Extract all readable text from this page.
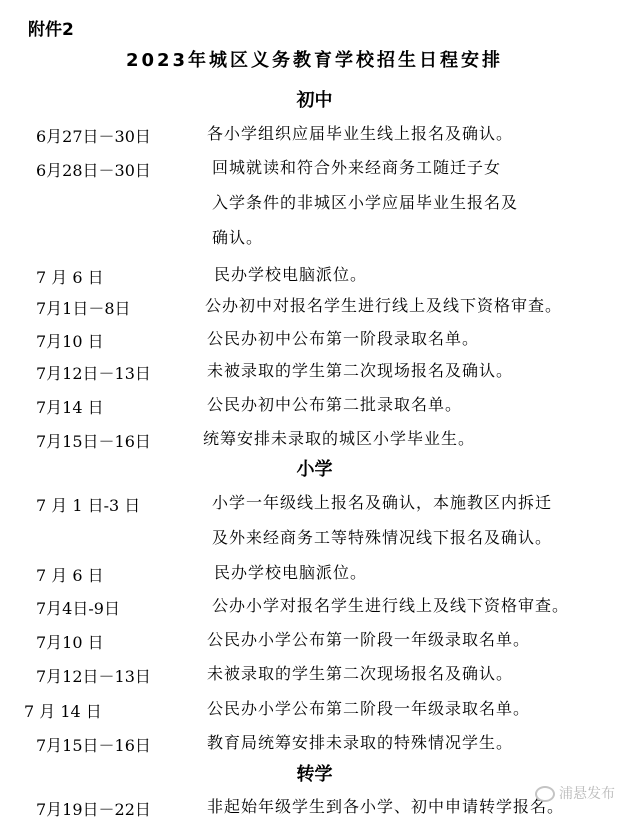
附件2
2023年城区义务教育学校招生日程安排
初中
6月27日－30日	各小学组织应届毕业生线上报名及确认。
6月28日－30日	回城就读和符合外来经商务工随迁子女
入学条件的非城区小学应届毕业生报名及
确认。
7 月 6 日	民办学校电脑派位。
7月1日－8日	公办初中对报名学生进行线上及线下资格审查。
7月10 日	公民办初中公布第一阶段录取名单。
7月12日－13日	未被录取的学生第二次现场报名及确认。
7月14 日	公民办初中公布第二批录取名单。
7月15日－16日	统筹安排未录取的城区小学毕业生。
小学
7 月 1 日-3 日	小学一年级线上报名及确认，本施教区内拆迁
及外来经商务工等特殊情况线下报名及确认。
7 月 6 日	民办学校电脑派位。
7月4日-9日	公办小学对报名学生进行线上及线下资格审查。
7月10 日	公民办小学公布第一阶段一年级录取名单。
7月12日－13日	未被录取的学生第二次现场报名及确认。
7 月 14 日	公民办小学公布第二阶段一年级录取名单。
7月15日－16日	教育局统筹安排未录取的特殊情况学生。
转学
7月19日－22日	非起始年级学生到各小学、初中申请转学报名。
浦悬发布
